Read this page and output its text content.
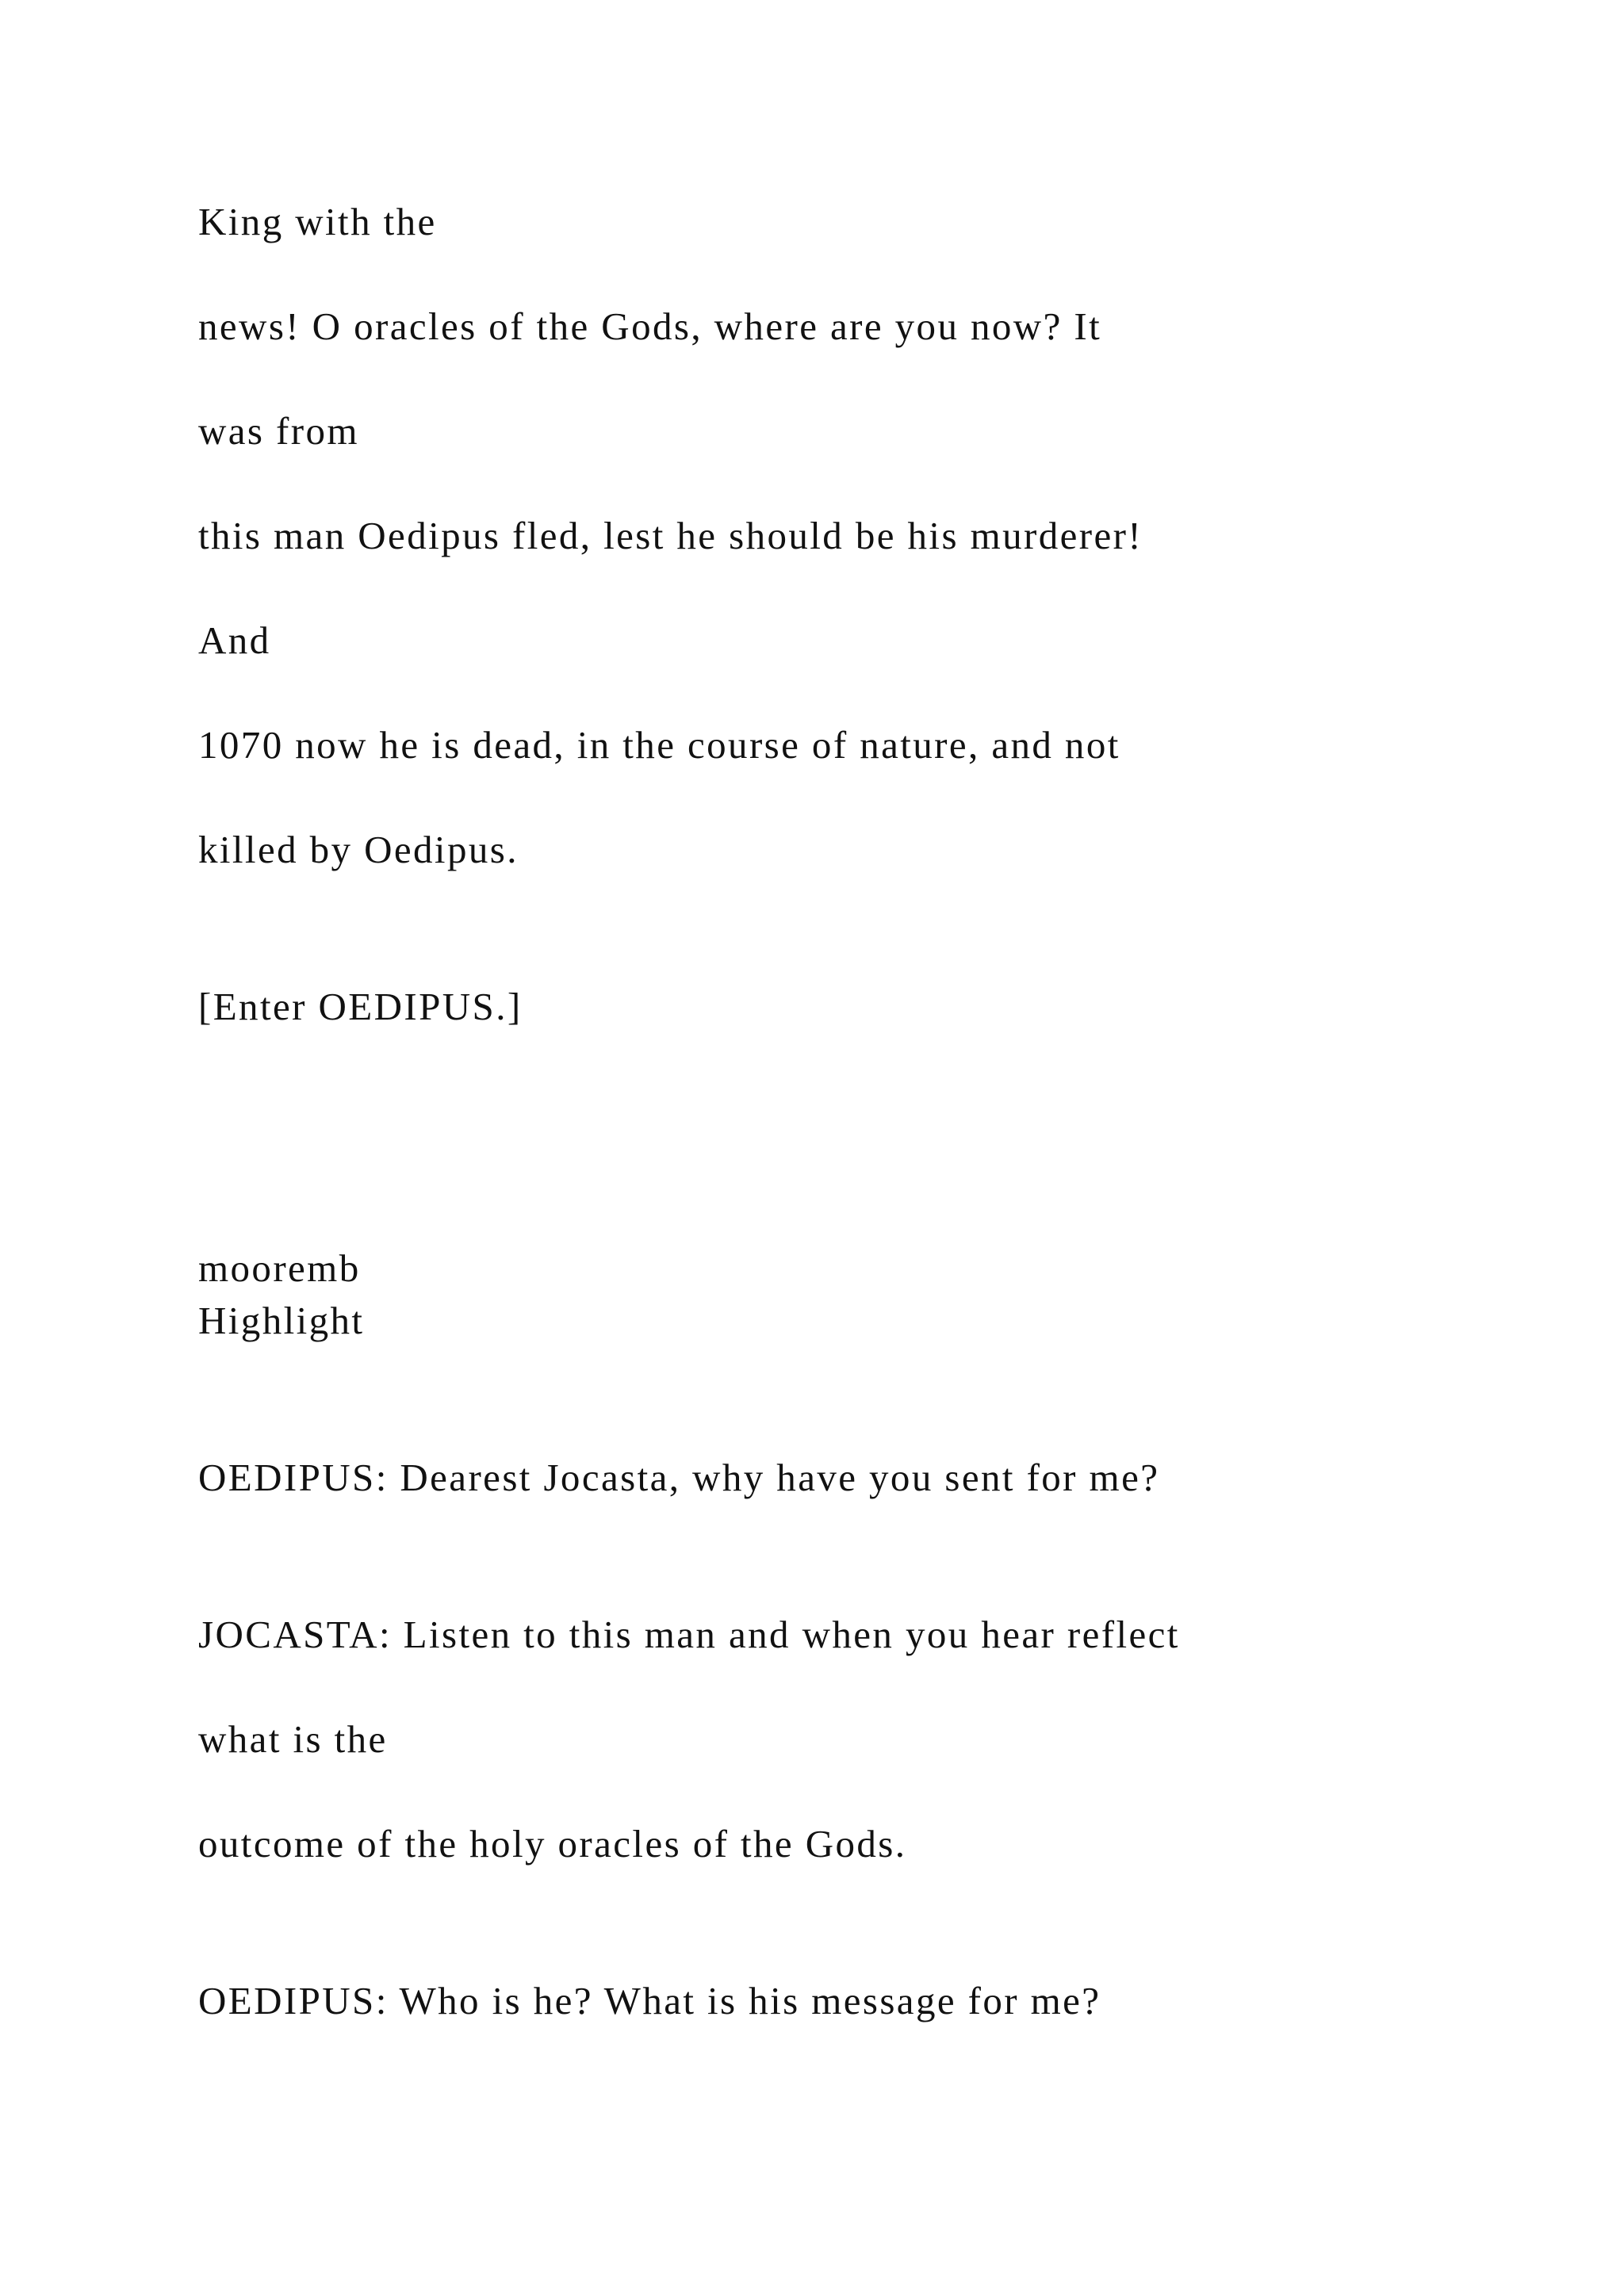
King with the

news! O oracles of the Gods, where are you now? It

was from

this man Oedipus fled, lest he should be his murderer!

And

1070 now he is dead, in the course of nature, and not

killed by Oedipus.

[Enter OEDIPUS.]

mooremb

Highlight

OEDIPUS: Dearest Jocasta, why have you sent for me?

JOCASTA: Listen to this man and when you hear reflect

what is the

outcome of the holy oracles of the Gods.

OEDIPUS: Who is he? What is his message for me?
